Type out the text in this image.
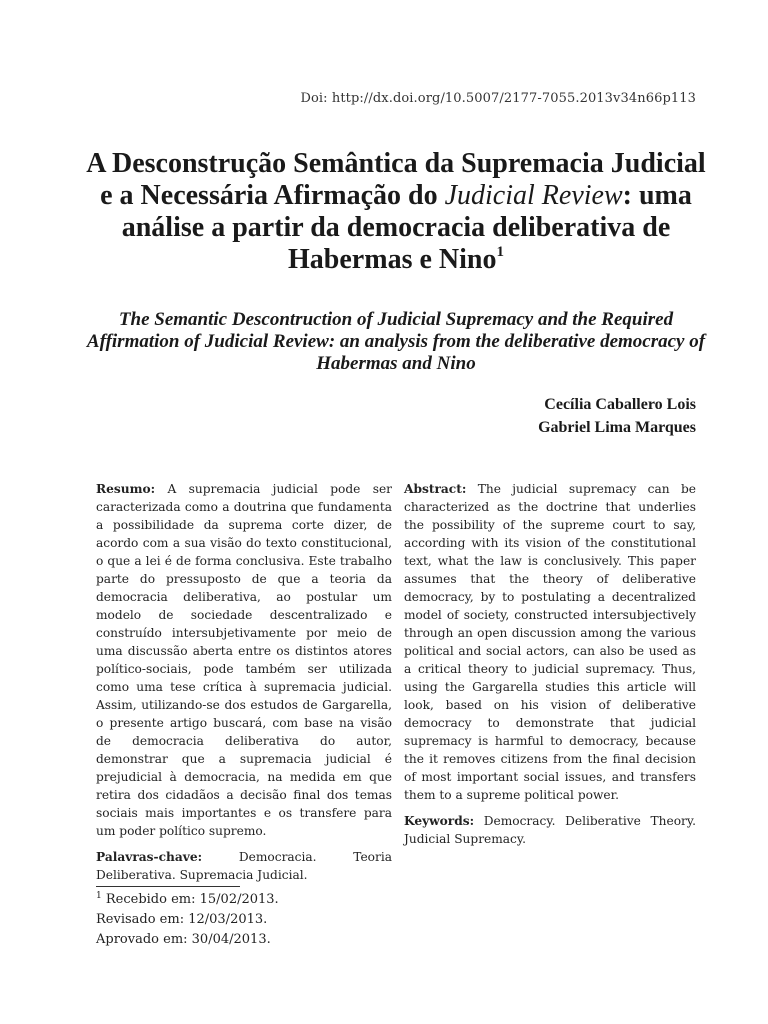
Doi: http://dx.doi.org/10.5007/2177-7055.2013v34n66p113
A Desconstrução Semântica da Supremacia Judicial e a Necessária Afirmação do Judicial Review: uma análise a partir da democracia deliberativa de Habermas e Nino$^1$
The Semantic Descontruction of Judicial Supremacy and the Required Affirmation of Judicial Review: an analysis from the deliberative democracy of Habermas and Nino
Cecília Caballero Lois
Gabriel Lima Marques
Resumo: A supremacia judicial pode ser caracterizada como a doutrina que fundamenta a possibilidade da suprema corte dizer, de acordo com a sua visão do texto constitucional, o que a lei é de forma conclusiva. Este trabalho parte do pressuposto de que a teoria da democracia deliberativa, ao postular um modelo de sociedade descentralizado e construído intersubjetivamente por meio de uma discussão aberta entre os distintos atores político-sociais, pode também ser utilizada como uma tese crítica à supremacia judicial. Assim, utilizando-se dos estudos de Gargarella, o presente artigo buscará, com base na visão de democracia deliberativa do autor, demonstrar que a supremacia judicial é prejudicial à democracia, na medida em que retira dos cidadãos a decisão final dos temas sociais mais importantes e os transfere para um poder político supremo.
Palavras-chave:	Democracia. Teoria Deliberativa. Supremacia Judicial.
Abstract: The judicial supremacy can be characterized as the doctrine that underlies the possibility of the supreme court to say, according with its vision of the constitutional text, what the law is conclusively. This paper assumes that the theory of deliberative democracy, by to postulating a decentralized model of society, constructed intersubjectively through an open discussion among the various political and social actors, can also be used as a critical theory to judicial supremacy. Thus, using the Gargarella studies this article will look, based on his vision of deliberative democracy to demonstrate that judicial supremacy is harmful to democracy, because the it removes citizens from the final decision of most important social issues, and transfers them to a supreme political power.
Keywords: Democracy. Deliberative Theory. Judicial Supremacy.
$^1$ Recebido em: 15/02/2013.
Revisado em: 12/03/2013.
Aprovado em: 30/04/2013.
